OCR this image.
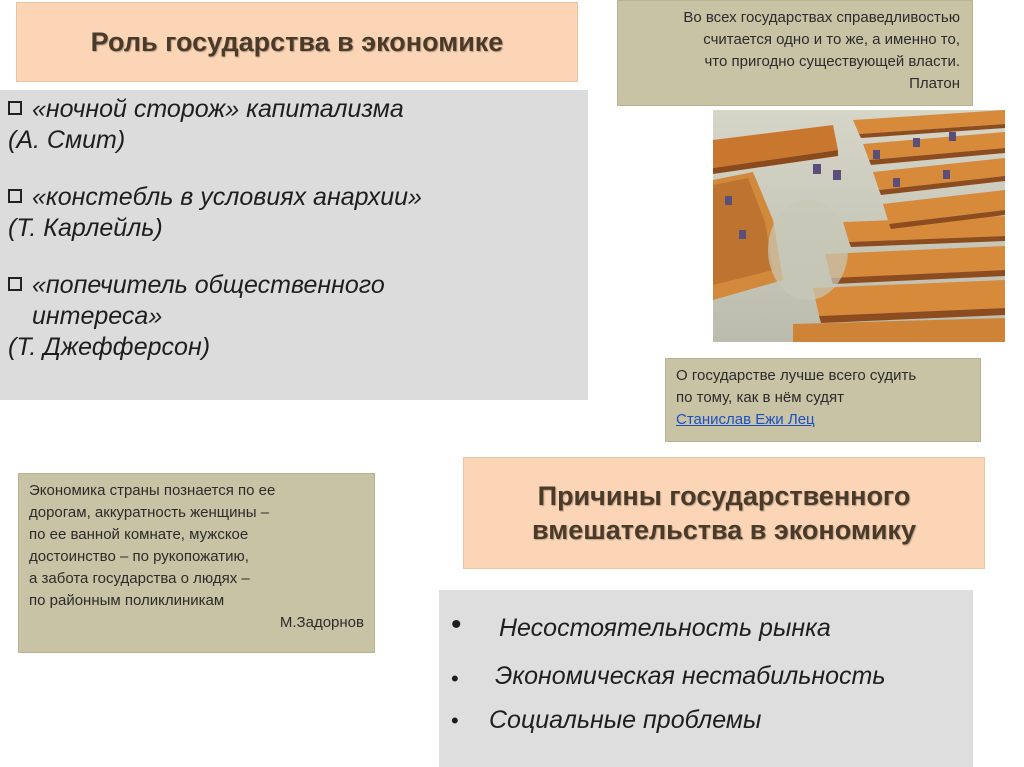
Роль государства в экономике
«ночной сторож» капитализма
(А. Смит)
«констебль в условиях анархии»
(Т. Карлейль)
«попечитель общественного
интереса»
(Т. Джефферсон)
Во всех государствах справедливостью
считается одно и то же, а именно то,
что пригодно существующей власти.
Платон
О государстве лучше всего судить
по тому, как в нём судят
Станислав Ежи Лец
Экономика страны познается по ее
дорогам, аккуратность женщины –
по ее ванной комнате, мужское
достоинство – по рукопожатию,
а забота государства о людях –
по районным поликлиникам
М.Задорнов
Причины государственного
вмешательства в экономику
• Несостоятельность рынка
• Экономическая нестабильность
• Социальные проблемы
